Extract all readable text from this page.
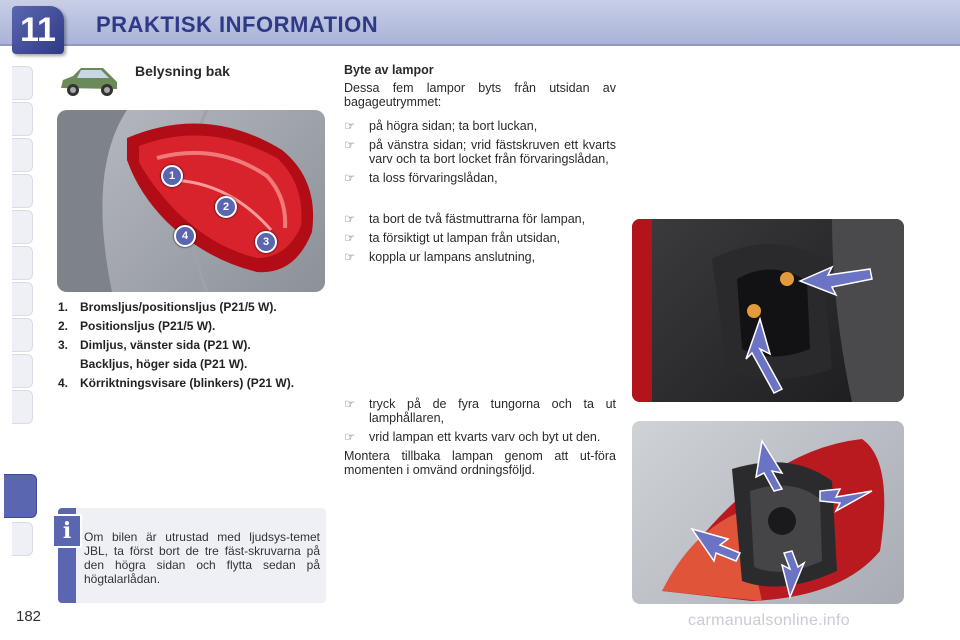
11	PRAKTISK INFORMATION
Belysning bak
1
2
3
4
1. Bromsljus/positionsljus (P21/5 W).
2. Positionsljus (P21/5 W).
3. Dimljus, vänster sida (P21 W).
Backljus, höger sida (P21 W).
4. Körriktningsvisare (blinkers) (P21 W).
i	Om bilen är utrustad med ljudsys-temet JBL, ta först bort de tre fäst-skruvarna på den högra sidan och flytta sedan på högtalarlådan.
Byte av lampor

Dessa fem lampor byts från utsidan av bagageutrymmet:

☞	på högra sidan; ta bort luckan,
☞	på vänstra sidan; vrid fästskruven ett kvarts varv och ta bort locket från förvaringslådan,
☞	ta loss förvaringslådan,
☞	ta bort de två fästmuttrarna för lampan,
☞	ta försiktigt ut lampan från utsidan,
☞	koppla ur lampans anslutning,
☞	tryck på de fyra tungorna och ta ut lamphållaren,
☞	vrid lampan ett kvarts varv och byt ut den.

Montera tillbaka lampan genom att ut-föra momenten i omvänd ordningsföljd.

182	carmanualsonline.info
